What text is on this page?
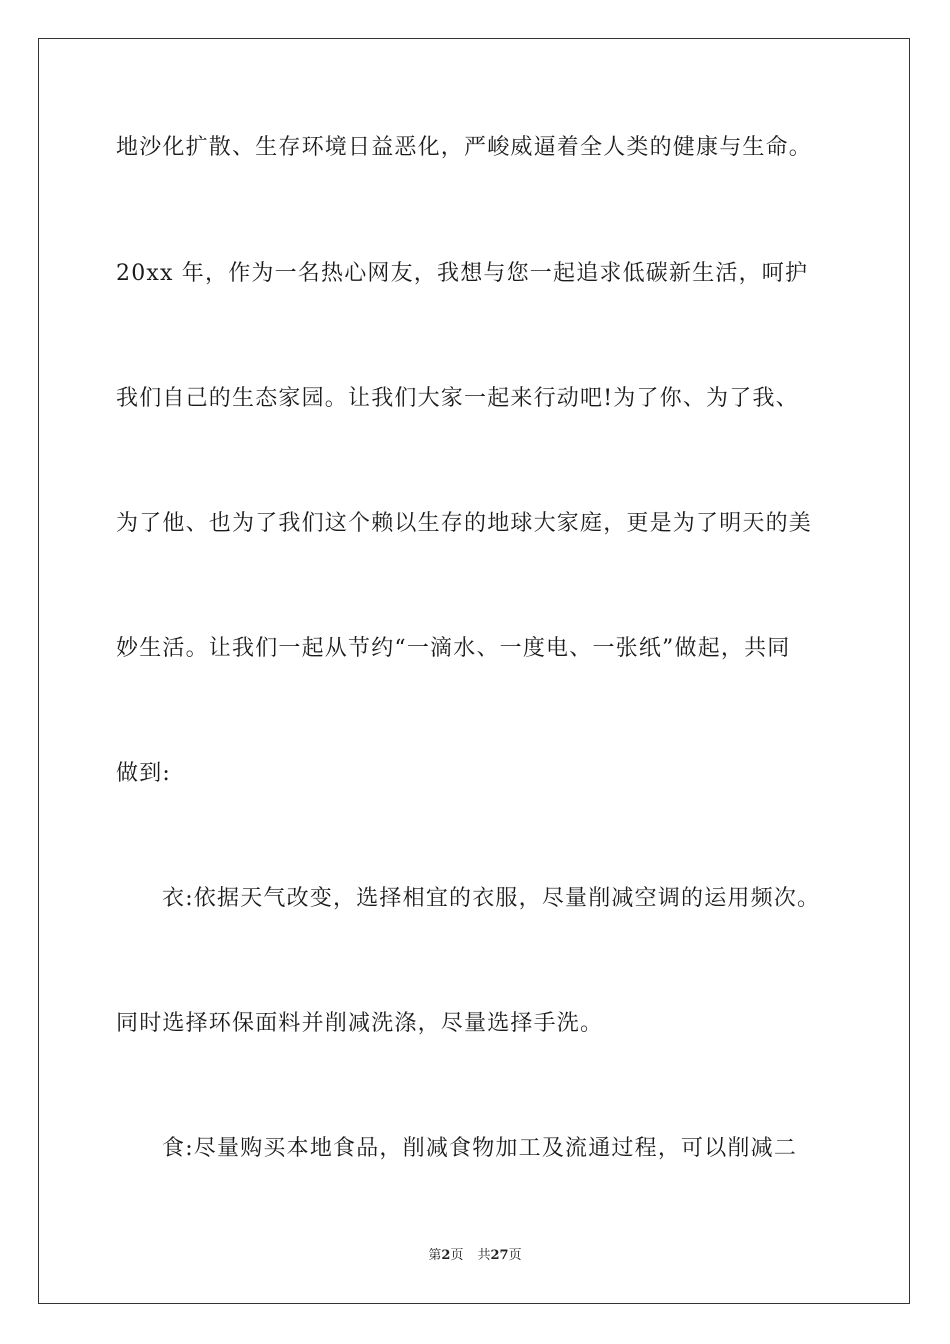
地沙化扩散、生存环境日益恶化，严峻威逼着全人类的健康与生命。
20xx 年，作为一名热心网友，我想与您一起追求低碳新生活，呵护
我们自己的生态家园。让我们大家一起来行动吧!为了你、为了我、
为了他、也为了我们这个赖以生存的地球大家庭，更是为了明天的美
妙生活。让我们一起从节约“一滴水、一度电、一张纸”做起，共同
做到:
衣:依据天气改变，选择相宜的衣服，尽量削减空调的运用频次。
同时选择环保面料并削减洗涤，尽量选择手洗。
食:尽量购买本地食品，削减食物加工及流通过程，可以削减二
第2页 共27页
